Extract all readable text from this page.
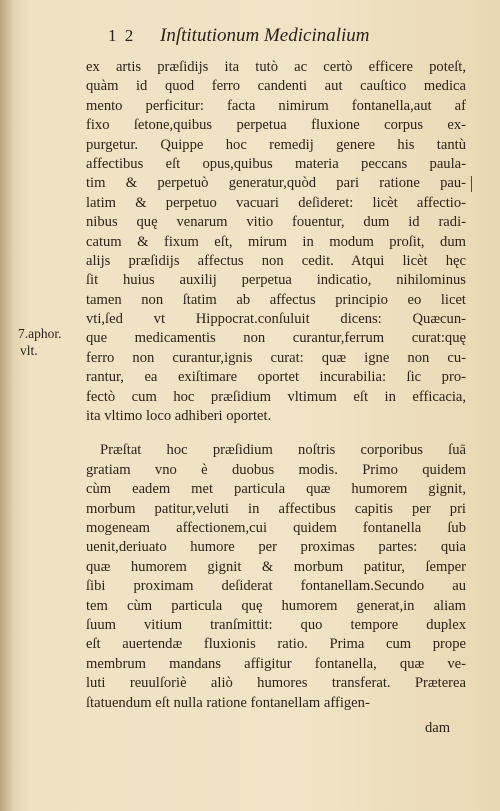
1 2 Inſtitutionum Medicinalium
7.aphor.
vlt.
ex artis præſidijs ita tutò ac certò efficere poteſt,
quàm id quod ferro candenti aut cauſtico medica
mento perficitur: facta nimirum fontanella,aut af
fixo ſetone,quibus perpetua fluxione corpus ex-
purgetur. Quippe hoc remedij genere his tantù
affectibus eſt opus,quibus materia peccans paula-
tim & perpetuò generatur,quòd pari ratione pau-
latim & perpetuo vacuari deſideret: licèt affectio-
nibus quę venarum vitio fouentur, dum id radi-
catum & fixum eſt, mirum in modum proſit, dum
alijs præſidijs affectus non cedit. Atqui licèt hęc
ſit huius auxilij perpetua indicatio, nihilominus
tamen non ſtatim ab affectus principio eo licet
vti,ſed vt Hippocrat.conſuluit dicens: Quæcun-
que medicamentis non curantur,ferrum curat:quę
ferro non curantur,ignis curat: quæ igne non cu-
rantur, ea exiſtimare oportet incurabilia: ſic pro-
fectò cum hoc præſidium vltimum eſt in efficacia,
ita vltimo loco adhiberi oportet.
Præſtat hoc præſidium noſtris corporibus ſuā
gratiam vno è duobus modis. Primo quidem
cùm eadem met particula quæ humorem gignit,
morbum patitur,veluti in affectibus capitis per pri
mogeneam affectionem,cui quidem fontanella ſub
uenit,deriuato humore per proximas partes: quia
quæ humorem gignit & morbum patitur, ſemper
ſibi proximam deſiderat fontanellam.Secundo au
tem cùm particula quę humorem generat,in aliam
ſuum vitium tranſmittit: quo tempore duplex
eſt auertendæ fluxionis ratio. Prima cum prope
membrum mandans affigitur fontanella, quæ ve-
luti reuulſoriè aliò humores transferat. Præterea
ſtatuendum eſt nulla ratione fontanellam affigen-
dam
